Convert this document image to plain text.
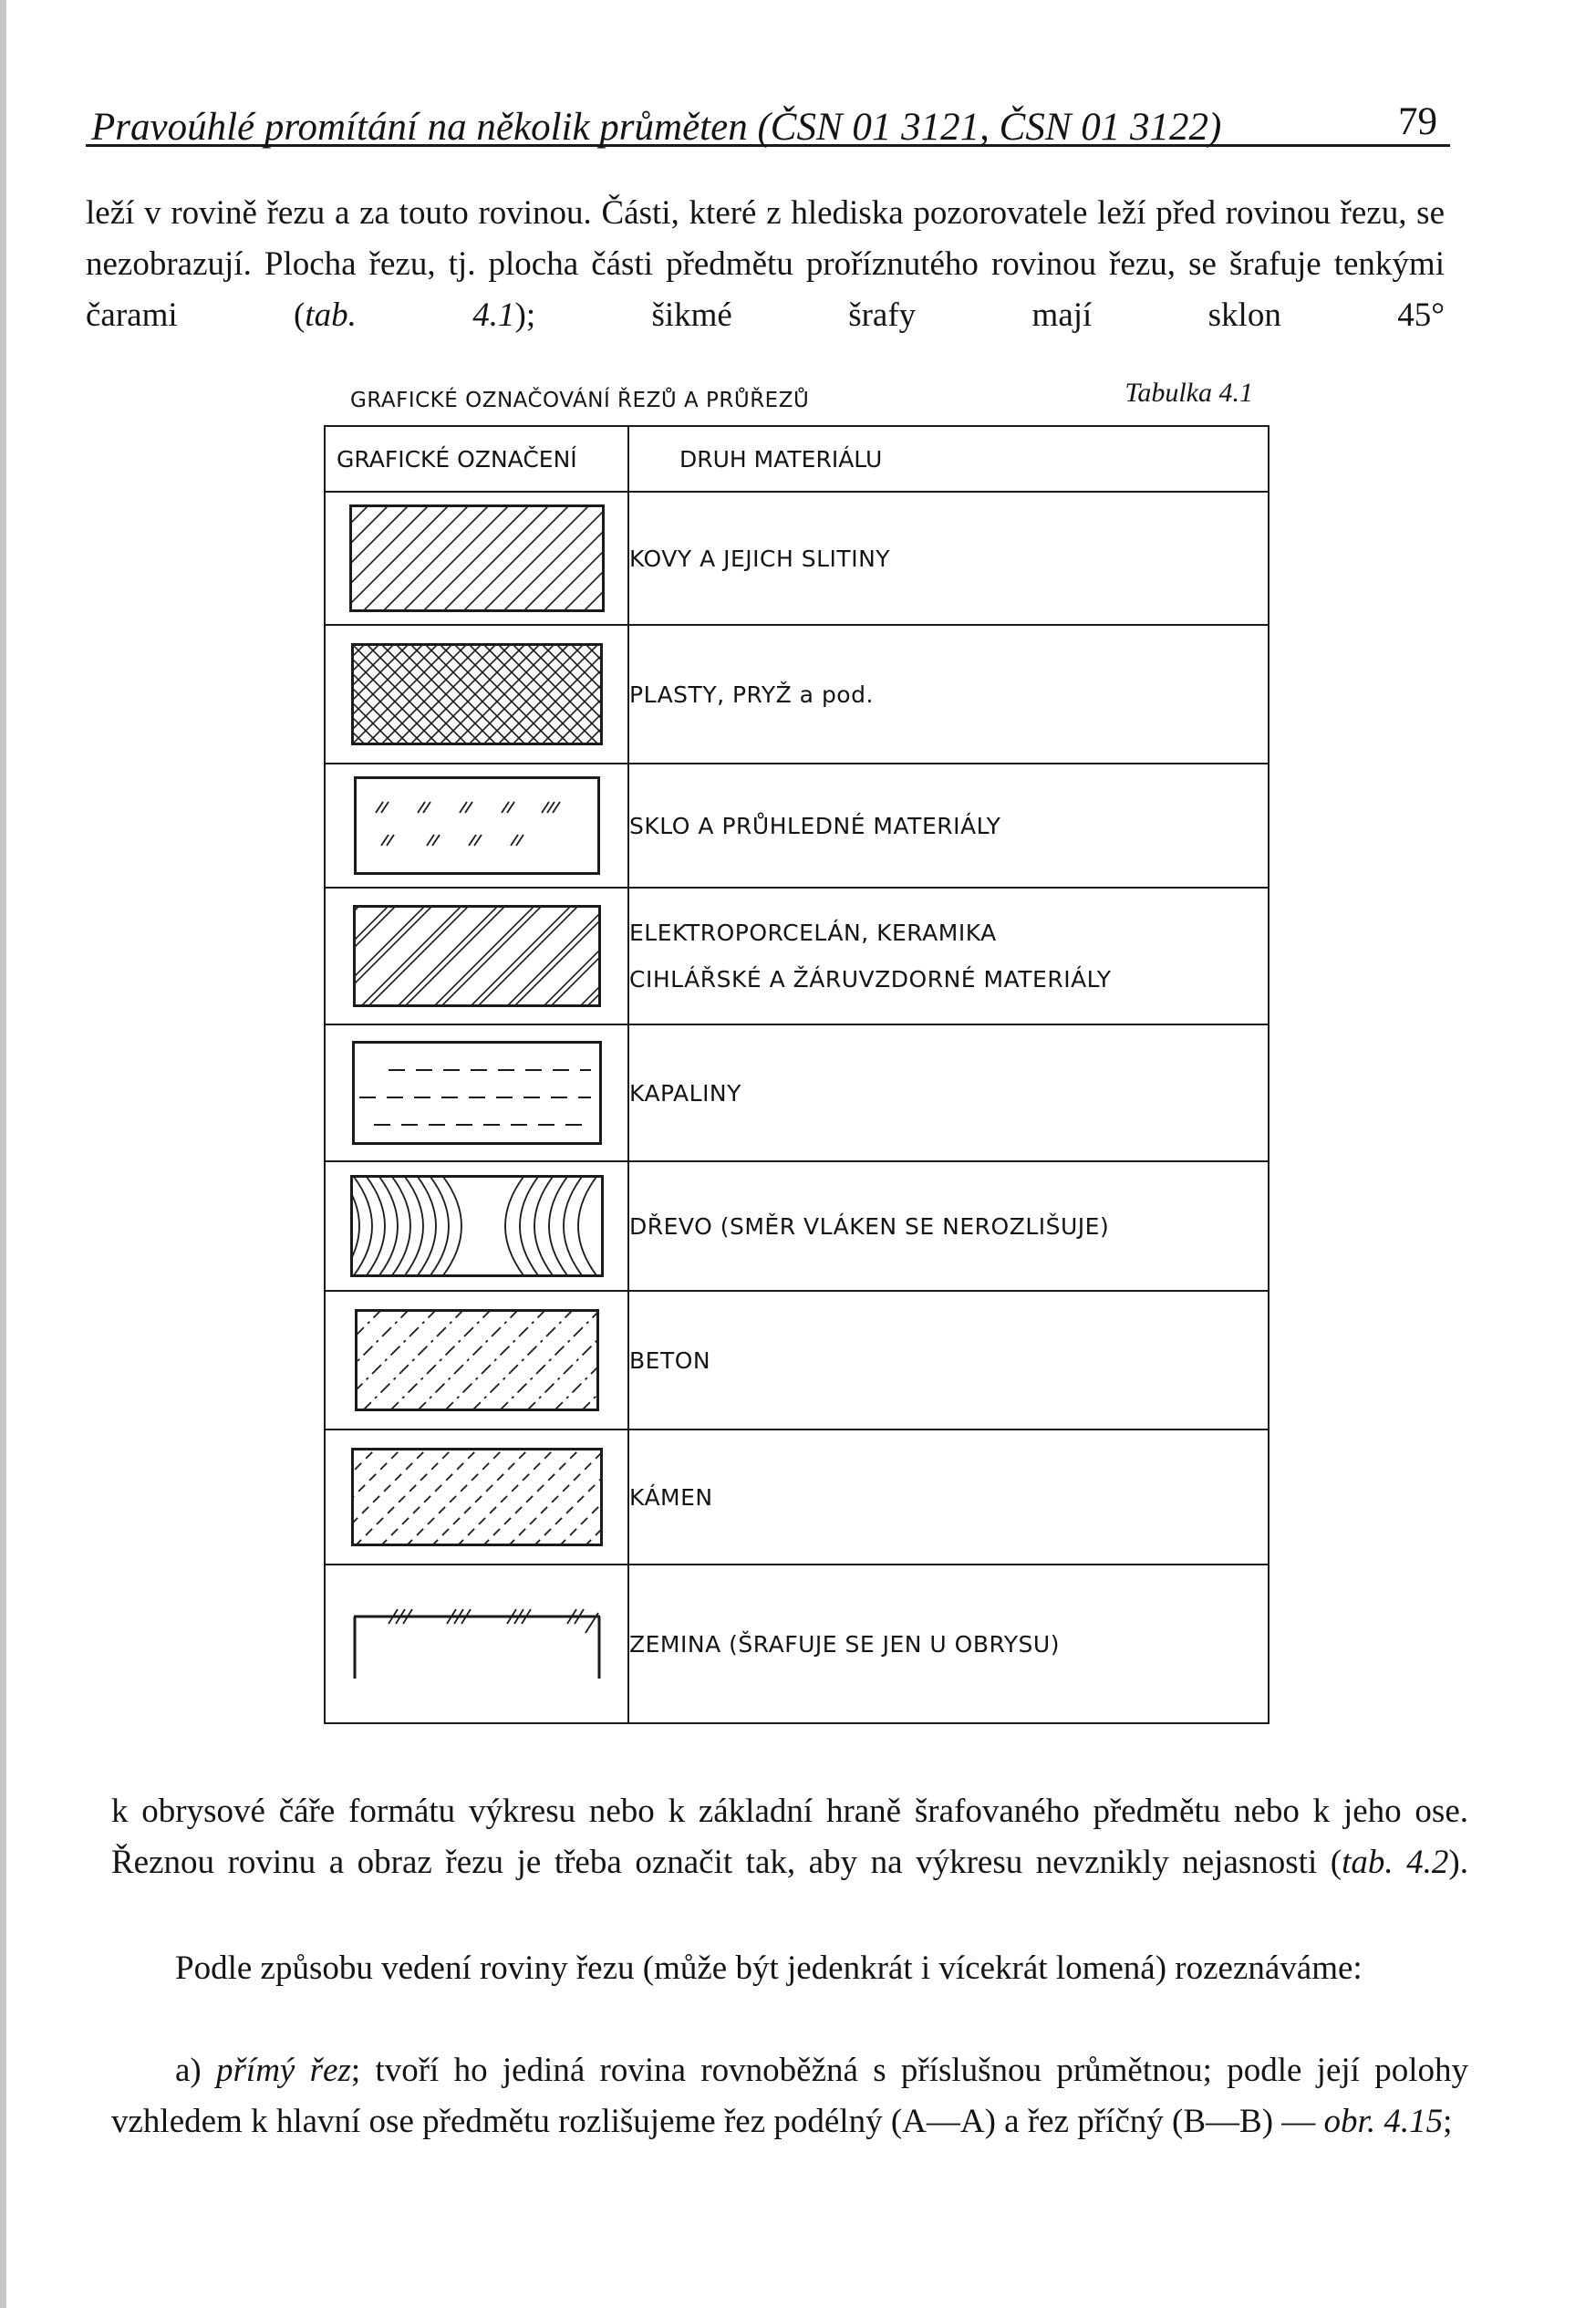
Pravoúhlé promítání na několik průměten (ČSN 01 3121, ČSN 01 3122)	79

leží v rovině řezu a za touto rovinou. Části, které z hlediska pozorovatele leží před rovinou řezu, se nezobrazují. Plocha řezu, tj. plocha části předmětu proříznutého rovinou řezu, se šrafuje tenkými čarami (tab. 4.1); šikmé šrafy mají sklon 45°

GRAFICKÉ OZNAČOVÁNÍ ŘEZŮ A PRŮŘEZŮ	Tabulka 4.1
GRAFICKÉ OZNAČENÍ	DRUH MATERIÁLU

	KOVY A JEJICH SLITINY

	PLASTY, PRYŽ a pod.

	SKLO A PRŮHLEDNÉ MATERIÁLY

	ELEKTROPORCELÁN, KERAMIKA
CIHLÁŘSKÉ A ŽÁRUVZDORNÉ MATERIÁLY

	KAPALINY

	DŘEVO (SMĚR VLÁKEN SE NEROZLIŠUJE)

	BETON

	KÁMEN

	ZEMINA (ŠRAFUJE SE JEN U OBRYSU)

k obrysové čáře formátu výkresu nebo k základní hraně šrafovaného předmětu nebo k jeho ose. Řeznou rovinu a obraz řezu je třeba označit tak, aby na výkresu nevznikly nejasnosti (tab. 4.2).

Podle způsobu vedení roviny řezu (může být jedenkrát i vícekrát lomená) rozeznáváme:

a) přímý řez; tvoří ho jediná rovina rovnoběžná s příslušnou průmětnou; podle její polohy vzhledem k hlavní ose předmětu rozlišujeme řez podélný (A—A) a řez příčný (B—B) — obr. 4.15;
